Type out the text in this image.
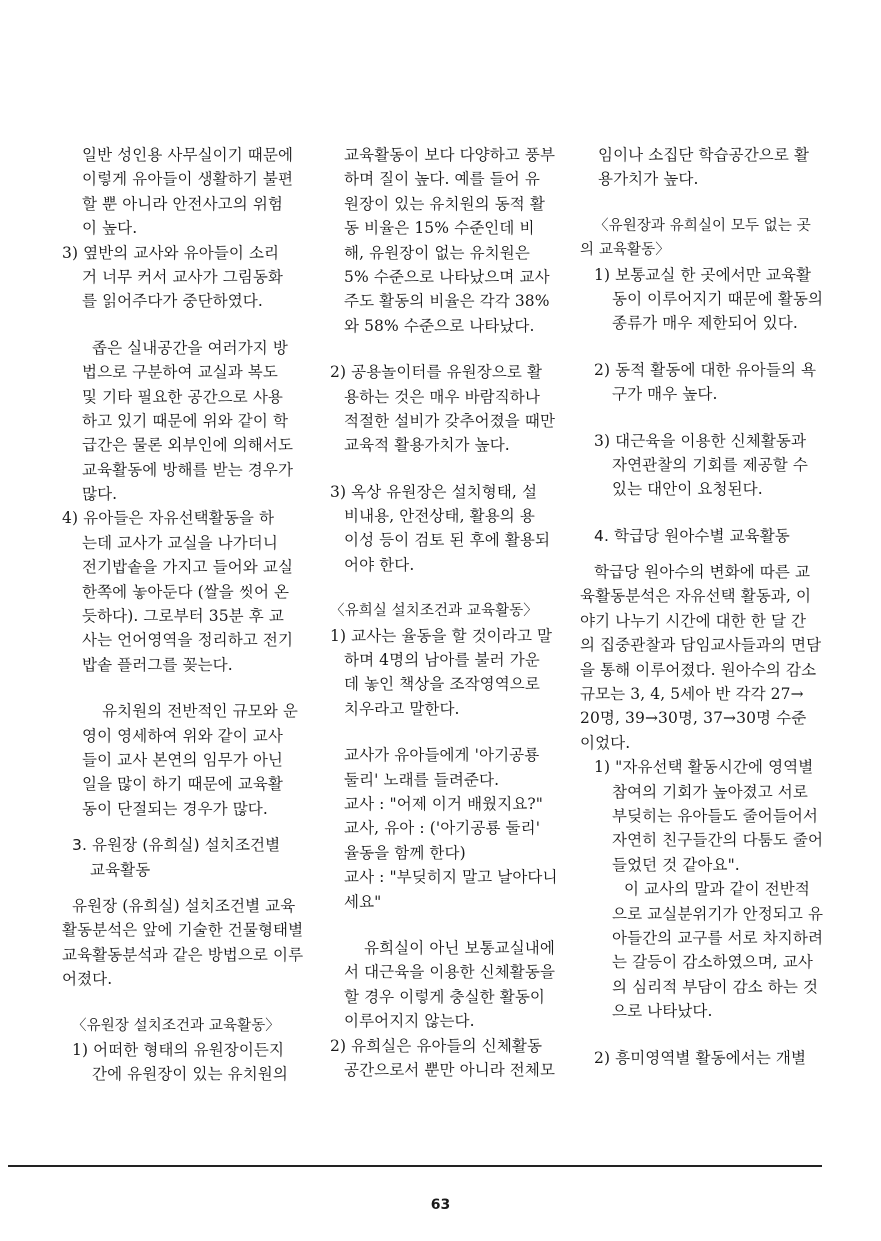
일반 성인용 사무실이기 때문에

이렇게 유아들이 생활하기 불편

할 뿐 아니라 안전사고의 위험

이 높다.

3) 옆반의 교사와 유아들이 소리

거 너무 커서 교사가 그림동화

를 읽어주다가 중단하였다.

좁은 실내공간을 여러가지 방

법으로 구분하여 교실과 복도

및 기타 필요한 공간으로 사용

하고 있기 때문에 위와 같이 학

급간은 물론 외부인에 의해서도

교육활동에 방해를 받는 경우가

많다.

4) 유아들은 자유선택활동을 하

는데 교사가 교실을 나가더니

전기밥솥을 가지고 들어와 교실

한쪽에 놓아둔다 (쌀을 씻어 온

듯하다). 그로부터 35분 후 교

사는 언어영역을 정리하고 전기

밥솥 플러그를 꽂는다.

유치원의 전반적인 규모와 운

영이 영세하여 위와 같이 교사

들이 교사 본연의 임무가 아닌

일을 많이 하기 때문에 교육활

동이 단절되는 경우가 많다.

3. 유원장 (유희실) 설치조건별

교육활동

유원장 (유희실) 설치조건별 교육

활동분석은 앞에 기술한 건물형태별

교육활동분석과 같은 방법으로 이루

어졌다.

〈유원장 설치조건과 교육활동〉

1) 어떠한 형태의 유원장이든지

간에 유원장이 있는 유치원의

교육활동이 보다 다양하고 풍부

하며 질이 높다. 예를 들어 유

원장이 있는 유치원의 동적 활

동 비율은 15% 수준인데 비

해, 유원장이 없는 유치원은

5% 수준으로 나타났으며 교사

주도 활동의 비율은 각각 38%

와 58% 수준으로 나타났다.

2) 공용놀이터를 유원장으로 활

용하는 것은 매우 바람직하나

적절한 설비가 갖추어졌을 때만

교육적 활용가치가 높다.

3) 옥상 유원장은 설치형태, 설

비내용, 안전상태, 활용의 용

이성 등이 검토 된 후에 활용되

어야 한다.

〈유희실 설치조건과 교육활동〉

1) 교사는 율동을 할 것이라고 말

하며 4명의 남아를 불러 가운

데 놓인 책상을 조작영역으로

치우라고 말한다.

교사가 유아들에게 '아기공룡

둘리' 노래를 들려준다.

교사 : "어제 이거 배웠지요?"

교사, 유아 : ('아기공룡 둘리'

율동을 함께 한다)

교사 : "부딪히지 말고 날아다니

세요"

유희실이 아닌 보통교실내에

서 대근육을 이용한 신체활동을

할 경우 이렇게 충실한 활동이

이루어지지 않는다.

2) 유희실은 유아들의 신체활동

공간으로서 뿐만 아니라 전체모

임이나 소집단 학습공간으로 활

용가치가 높다.

〈유원장과 유희실이 모두 없는 곳

의 교육활동〉

1) 보통교실 한 곳에서만 교육활

동이 이루어지기 때문에 활동의

종류가 매우 제한되어 있다.

2) 동적 활동에 대한 유아들의 욕

구가 매우 높다.

3) 대근육을 이용한 신체활동과

자연관찰의 기회를 제공할 수

있는 대안이 요청된다.

4. 학급당 원아수별 교육활동

학급당 원아수의 변화에 따른 교

육활동분석은 자유선택 활동과, 이

야기 나누기 시간에 대한 한 달 간

의 집중관찰과 담임교사들과의 면담

을 통해 이루어졌다. 원아수의 감소

규모는 3, 4, 5세아 반 각각 27→

20명, 39→30명, 37→30명 수준

이었다.

1) "자유선택 활동시간에 영역별

참여의 기회가 높아졌고 서로

부딪히는 유아들도 줄어들어서

자연히 친구들간의 다툼도 줄어

들었던 것 같아요".

이 교사의 말과 같이 전반적

으로 교실분위기가 안정되고 유

아들간의 교구를 서로 차지하려

는 갈등이 감소하였으며, 교사

의 심리적 부담이 감소 하는 것

으로 나타났다.

2) 흥미영역별 활동에서는 개별

63
